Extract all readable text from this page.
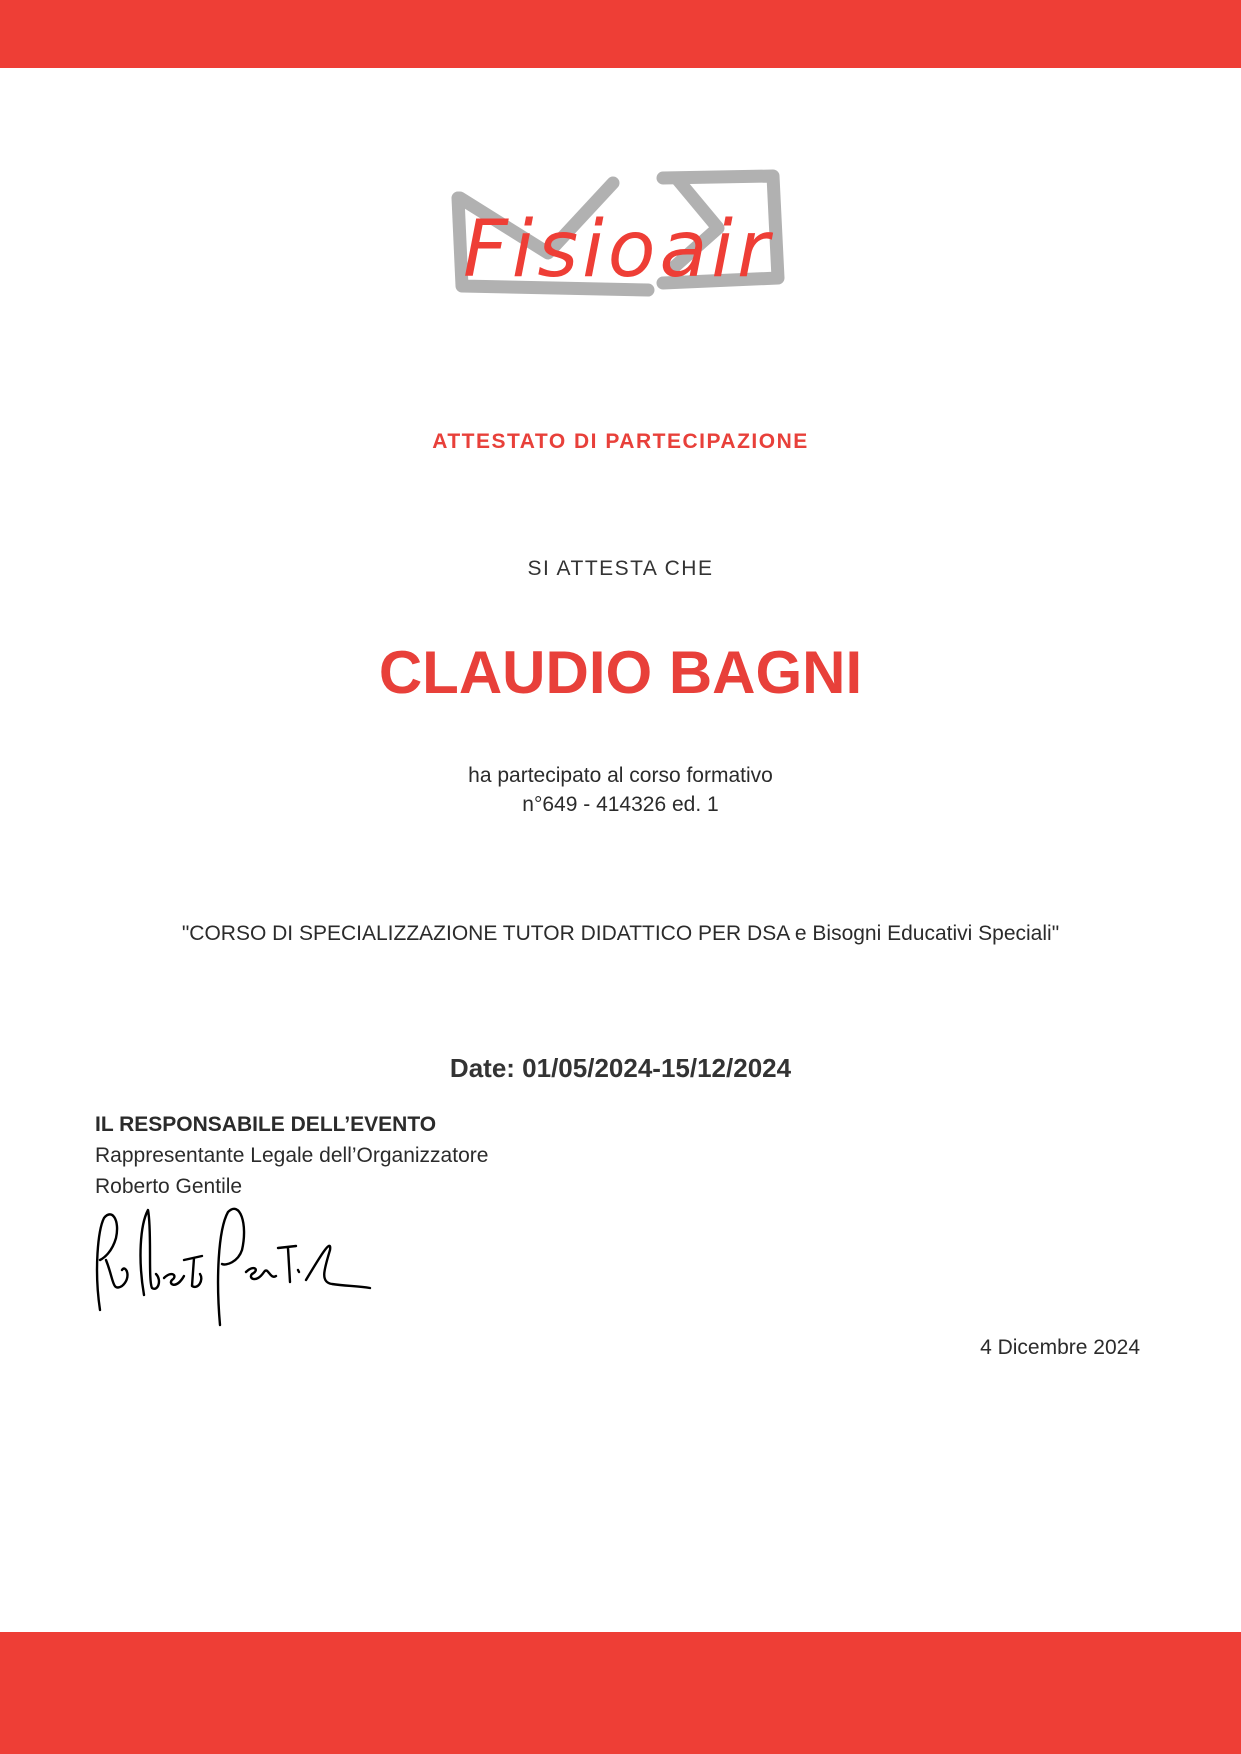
Fisioair
ATTESTATO DI PARTECIPAZIONE
SI ATTESTA CHE
CLAUDIO BAGNI
ha partecipato al corso formativo
n°649 - 414326 ed. 1
"CORSO DI SPECIALIZZAZIONE TUTOR DIDATTICO PER DSA e Bisogni Educativi Speciali"
Date: 01/05/2024-15/12/2024
IL RESPONSABILE DELL’EVENTO
Rappresentante Legale dell’Organizzatore
Roberto Gentile
4 Dicembre 2024
